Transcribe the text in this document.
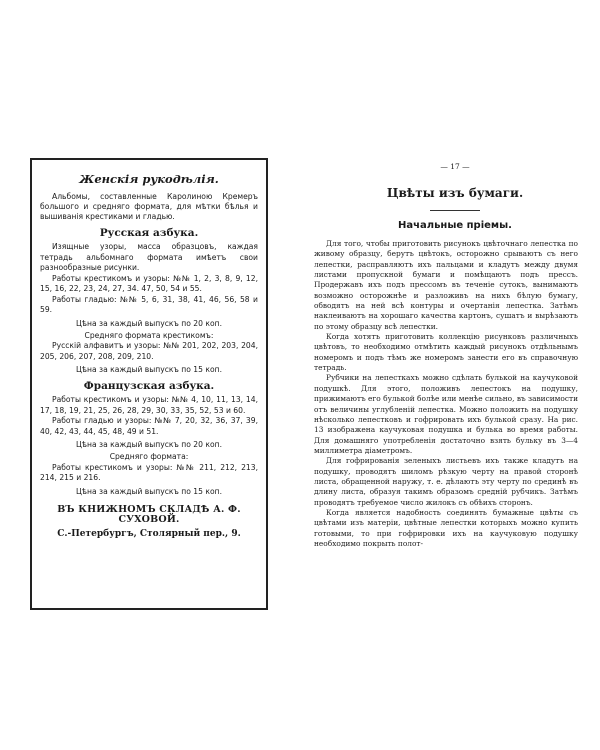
Женскiя рукодѣлiя.
Альбомы, составленные Каролиною Кремеръ большого и средняго формата, для мѣтки бѣлья и вышиванія крестиками и гладью.
Русская азбука.
Изящные узоры, масса образцовъ, каждая тетрадь альбомнаго формата имѣетъ свои разнообразные рисунки.
Работы крестикомъ и узоры: №№ 1, 2, 3, 8, 9, 12, 15, 16, 22, 23, 24, 27, 34. 47, 50, 54 и 55.
Работы гладью: №№ 5, 6, 31, 38, 41, 46, 56, 58 и 59.
Цѣна за каждый выпускъ по 20 коп.
Средняго формата крестикомъ:
Русскiй алфавитъ и узоры: №№ 201, 202, 203, 204, 205, 206, 207, 208, 209, 210.
Цѣна за каждый выпускъ по 15 коп.
Французская азбука.
Работы крестикомъ и узоры: №№ 4, 10, 11, 13, 14, 17, 18, 19, 21, 25, 26, 28, 29, 30, 33, 35, 52, 53 и 60.
Работы гладью и узоры: №№ 7, 20, 32, 36, 37, 39, 40, 42, 43, 44, 45, 48, 49 и 51.
Цѣна за каждый выпускъ по 20 коп.
Средняго формата:
Работы крестикомъ и узоры: №№ 211, 212, 213, 214, 215 и 216.
Цѣна за каждый выпускъ по 15 коп.
ВЪ КНИЖНОМЪ СКЛАДѢ А. Ф. СУХОВОЙ.
С.-Петербургъ, Столярный пер., 9.
— 17 —
Цвѣты изъ бумаги.
Начальные прiемы.

Для того, чтобы приготовить рисунокъ цвѣточнаго лепестка по живому образцу, берутъ цвѣтокъ, осторожно срываютъ съ него лепестки, расправляютъ ихъ пальцами и кладутъ между двумя листами пропускной бумаги и помѣщаютъ подъ прессъ. Продержавъ ихъ подъ прессомъ въ теченiе сутокъ, вынимаютъ возможно осторожнѣе и разложивъ на нихъ бѣлую бумагу, обводятъ на ней всѣ контуры и очертанiя лепестка. Затѣмъ наклеиваютъ на хорошаго качества картонъ, сушатъ и вырѣзаютъ по этому образцу всѣ лепестки.

Когда хотятъ приготовить коллекцiю рисунковъ различныхъ цвѣтовъ, то необходимо отмѣтить каждый рисунокъ отдѣльнымъ номеромъ и подъ тѣмъ же номеромъ занести его въ справочную тетрадь.

Рубчики на лепесткахъ можно сдѣлать булькой на каучуковой подушкѣ. Для этого, положивъ лепестокъ на подушку, прижимаютъ его булькой болѣе или менѣе сильно, въ зависимости отъ величины углубленiй лепестка. Можно положить на подушку нѣсколько лепестковъ и гофрировать ихъ булькой сразу. На рис. 13 изображена каучуковая подушка и булька во время работы. Для домашняго употребленiя достаточно взять бульку въ 3—4 миллиметра дiаметромъ.

Для гофрированiя зеленыхъ листьевъ ихъ также кладутъ на подушку, проводятъ шиломъ рѣзкую черту на правой сторонѣ листа, обращенной наружу, т. е. дѣлаютъ эту черту по срединѣ въ длину листа, образуя такимъ образомъ средній рубчикъ. Затѣмъ проводятъ требуемое число жилокъ съ обѣихъ сторонъ.

Когда является надобность соединять бумажные цвѣты съ цвѣтами изъ матерiи, цвѣтные лепестки которыхъ можно купить готовыми, то при гофрировки ихъ на каучуковую подушку необходимо покрыть полот-
